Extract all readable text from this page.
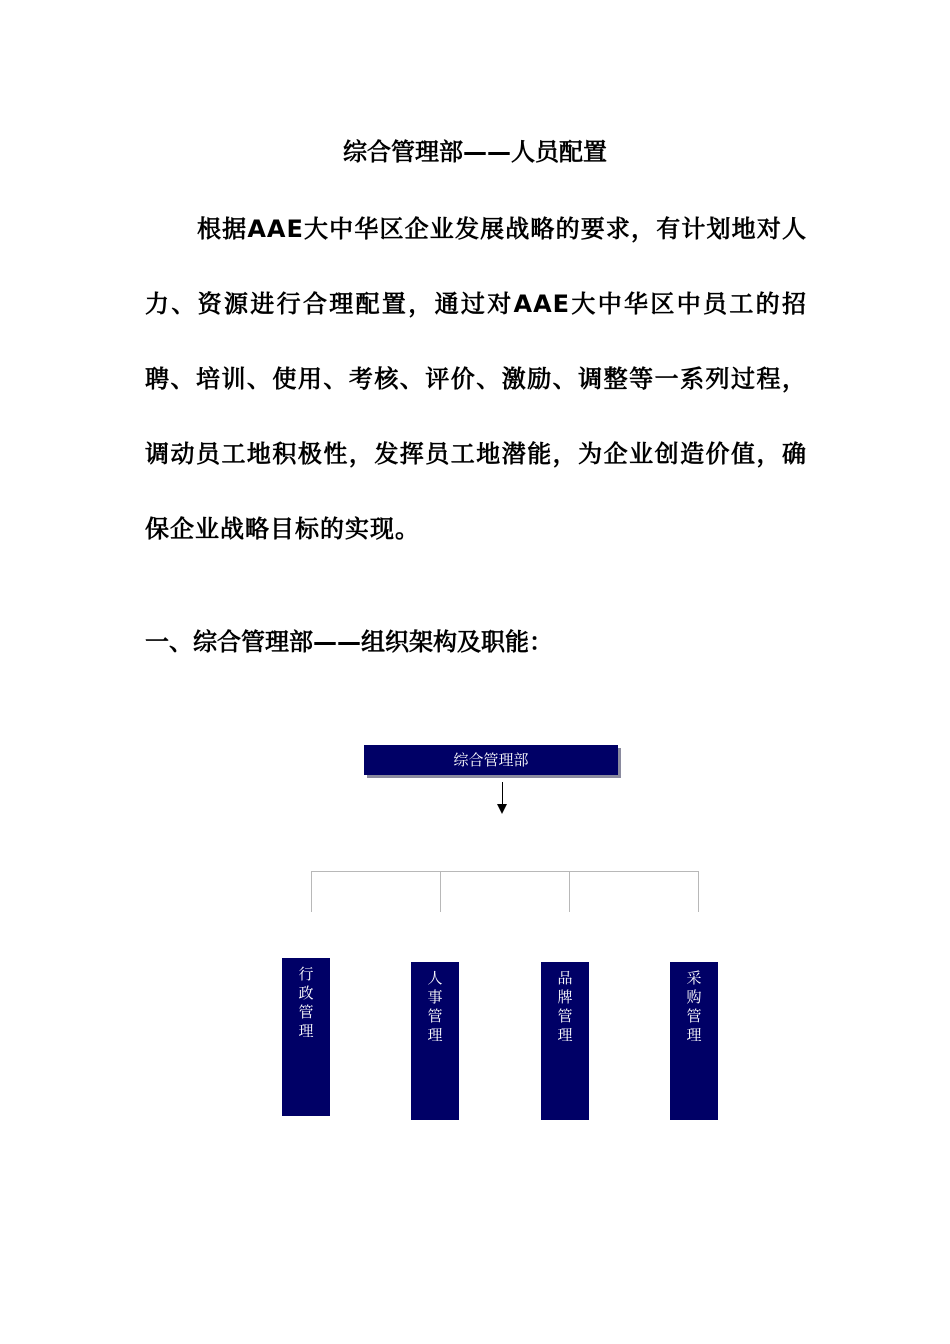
综合管理部——人员配置

根据AAE大中华区企业发展战略的要求，有计划地对人力、资源进行合理配置，通过对AAE大中华区中员工的招聘、培训、使用、考核、评价、激励、调整等一系列过程，调动员工地积极性，发挥员工地潜能，为企业创造价值，确保企业战略目标的实现。

一、综合管理部——组织架构及职能：
综合管理部
行政管理
人事管理
品牌管理
采购管理
